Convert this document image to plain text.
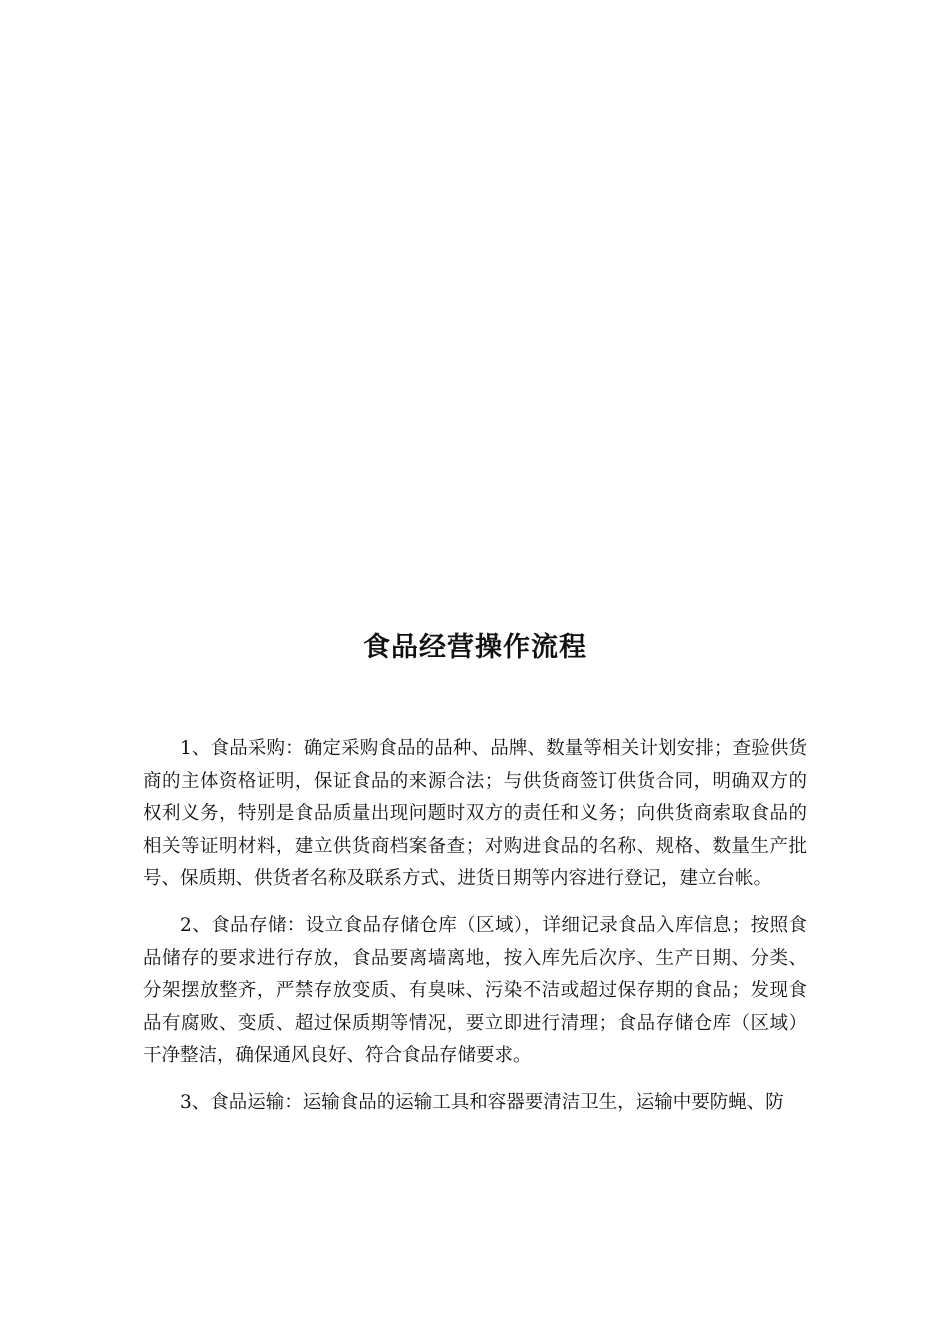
食品经营操作流程

1、食品采购：确定采购食品的品种、品牌、数量等相关计划安排；查验供货商的主体资格证明，保证食品的来源合法；与供货商签订供货合同，明确双方的权利义务，特别是食品质量出现问题时双方的责任和义务；向供货商索取食品的相关等证明材料，建立供货商档案备查；对购进食品的名称、规格、数量生产批号、保质期、供货者名称及联系方式、进货日期等内容进行登记，建立台帐。

2、食品存储：设立食品存储仓库（区域），详细记录食品入库信息；按照食品储存的要求进行存放，食品要离墙离地，按入库先后次序、生产日期、分类、分架摆放整齐，严禁存放变质、有臭味、污染不洁或超过保存期的食品；发现食品有腐败、变质、超过保质期等情况，要立即进行清理；食品存储仓库（区域）干净整洁，确保通风良好、符合食品存储要求。

3、食品运输：运输食品的运输工具和容器要清洁卫生，运输中要防蝇、防
